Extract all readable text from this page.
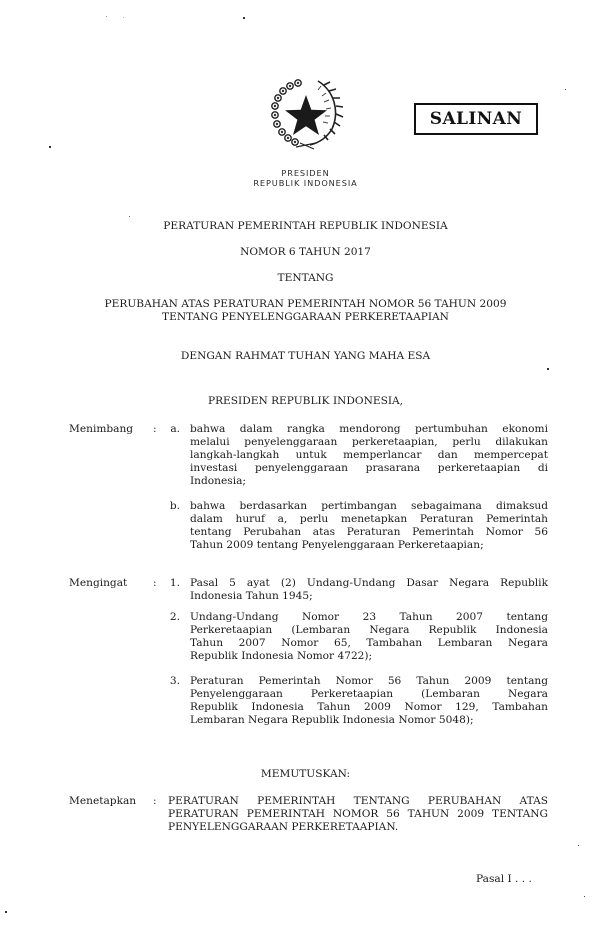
SALINAN
PRESIDEN
REPUBLIK INDONESIA
PERATURAN PEMERINTAH REPUBLIK INDONESIA
NOMOR 6 TAHUN 2017
TENTANG
PERUBAHAN ATAS PERATURAN PEMERINTAH NOMOR 56 TAHUN 2009
TENTANG PENYELENGGARAAN PERKERETAAPIAN
DENGAN RAHMAT TUHAN YANG MAHA ESA
PRESIDEN REPUBLIK INDONESIA,
Menimbang :	a. bahwa dalam rangka mendorong pertumbuhan ekonomi
melalui penyelenggaraan perkeretaapian, perlu dilakukan
langkah-langkah untuk memperlancar dan mempercepat
investasi penyelenggaraan prasarana perkeretaapian di
Indonesia;
b. bahwa berdasarkan pertimbangan sebagaimana dimaksud
dalam huruf a, perlu menetapkan Peraturan Pemerintah
tentang Perubahan atas Peraturan Pemerintah Nomor 56
Tahun 2009 tentang Penyelenggaraan Perkeretaapian;
Mengingat :	1. Pasal 5 ayat (2) Undang-Undang Dasar Negara Republik
Indonesia Tahun 1945;
2. Undang-Undang Nomor 23 Tahun 2007 tentang
Perkeretaapian (Lembaran Negara Republik Indonesia
Tahun 2007 Nomor 65, Tambahan Lembaran Negara
Republik Indonesia Nomor 4722);
3. Peraturan Pemerintah Nomor 56 Tahun 2009 tentang
Penyelenggaraan Perkeretaapian (Lembaran Negara
Republik Indonesia Tahun 2009 Nomor 129, Tambahan
Lembaran Negara Republik Indonesia Nomor 5048);
MEMUTUSKAN:
Menetapkan : PERATURAN PEMERINTAH TENTANG PERUBAHAN ATAS
PERATURAN PEMERINTAH NOMOR 56 TAHUN 2009 TENTANG
PENYELENGGARAAN PERKERETAAPIAN.
Pasal I . . .
